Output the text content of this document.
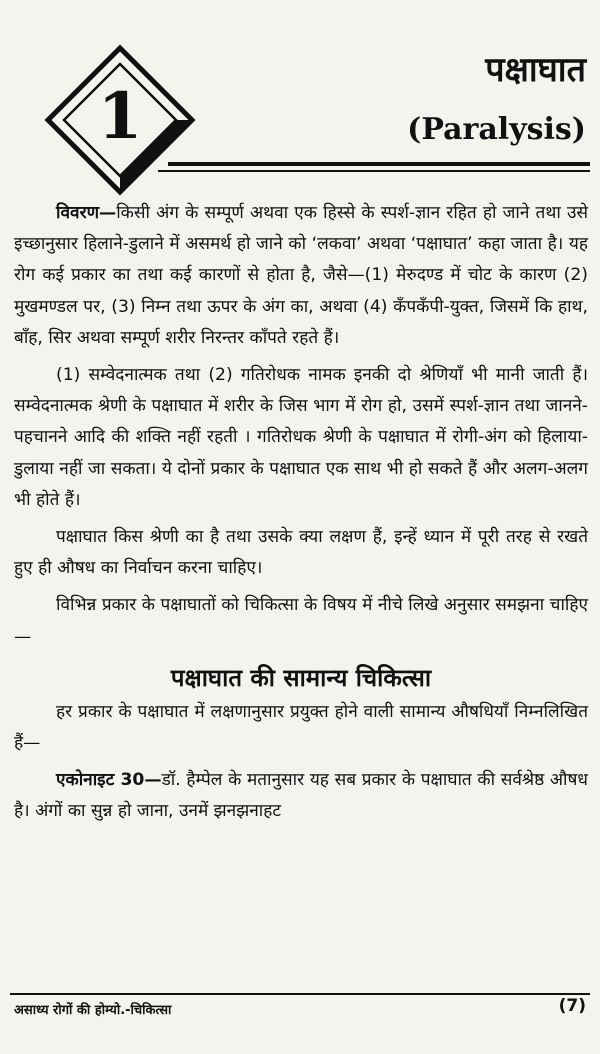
1
पक्षाघात
(Paralysis)

विवरण—किसी अंग के सम्पूर्ण अथवा एक हिस्से के स्पर्श-ज्ञान रहित हो जाने तथा उसे इच्छानुसार हिलाने-डुलाने में असमर्थ हो जाने को ‘लकवा’ अथवा ‘पक्षाघात’ कहा जाता है। यह रोग कई प्रकार का तथा कई कारणों से होता है, जैसे—(1) मेरुदण्ड में चोट के कारण (2) मुखमण्डल पर, (3) निम्न तथा ऊपर के अंग का, अथवा (4) कँपकँपी-युक्त, जिसमें कि हाथ, बाँह, सिर अथवा सम्पूर्ण शरीर निरन्तर काँपते रहते हैं।

(1) सम्वेदनात्मक तथा (2) गतिरोधक नामक इनकी दो श्रेणियाँ भी मानी जाती हैं। सम्वेदनात्मक श्रेणी के पक्षाघात में शरीर के जिस भाग में रोग हो, उसमें स्पर्श-ज्ञान तथा जानने-पहचानने आदि की शक्ति नहीं रहती । गतिरोधक श्रेणी के पक्षाघात में रोगी-अंग को हिलाया-डुलाया नहीं जा सकता। ये दोनों प्रकार के पक्षाघात एक साथ भी हो सकते हैं और अलग-अलग भी होते हैं।

पक्षाघात किस श्रेणी का है तथा उसके क्या लक्षण हैं, इन्हें ध्यान में पूरी तरह से रखते हुए ही औषध का निर्वाचन करना चाहिए।

विभिन्न प्रकार के पक्षाघातों को चिकित्सा के विषय में नीचे लिखे अनुसार समझना चाहिए—

पक्षाघात की सामान्य चिकित्सा

हर प्रकार के पक्षाघात में लक्षणानुसार प्रयुक्त होने वाली सामान्य औषधियाँ निम्नलिखित हैं—

एकोनाइट 30—डॉ. हैम्पेल के मतानुसार यह सब प्रकार के पक्षाघात की सर्वश्रेष्ठ औषध है। अंगों का सुन्न हो जाना, उनमें झनझनाहट

असाध्य रोगों की होम्यो.-चिकित्सा	(7)
